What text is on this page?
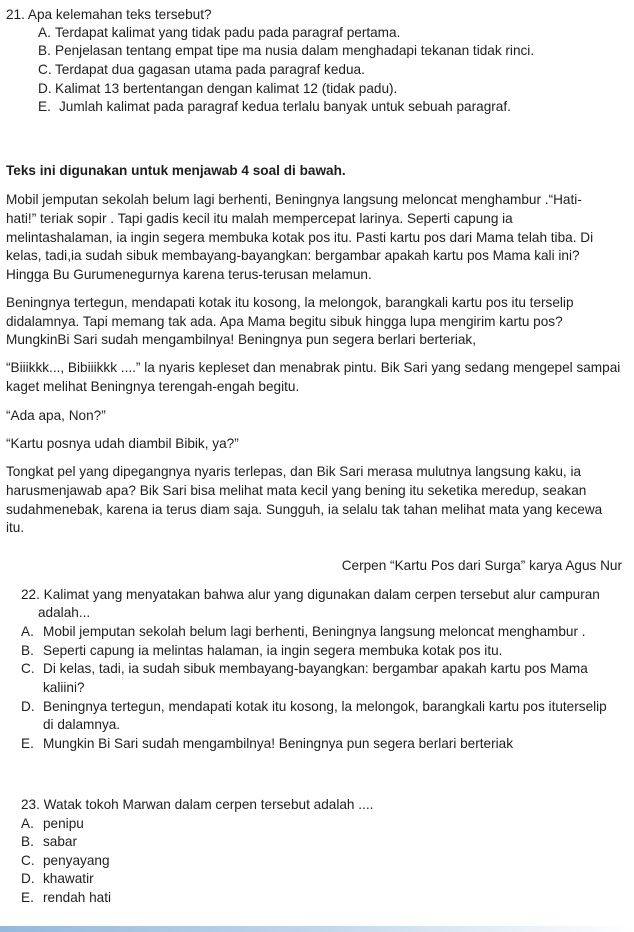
21. Apa kelemahan teks tersebut?
A. Terdapat kalimat yang tidak padu pada paragraf pertama.
B. Penjelasan tentang empat tipe ma nusia dalam menghadapi tekanan tidak rinci.
C. Terdapat dua gagasan utama pada paragraf kedua.
D. Kalimat 13 bertentangan dengan kalimat 12 (tidak padu).
E. Jumlah kalimat pada paragraf kedua terlalu banyak untuk sebuah paragraf.
Teks ini digunakan untuk menjawab 4 soal di bawah.
Mobil jemputan sekolah belum lagi berhenti, Beningnya langsung meloncat menghambur .“Hati-
hati!” teriak sopir . Tapi gadis kecil itu malah mempercepat larinya. Seperti capung ia
melintashalaman, ia ingin segera membuka kotak pos itu. Pasti kartu pos dari Mama telah tiba. Di
kelas, tadi,ia sudah sibuk membayang-bayangkan: bergambar apakah kartu pos Mama kali ini?
Hingga Bu Gurumenegurnya karena terus-terusan melamun.
Beningnya tertegun, mendapati kotak itu kosong, la melongok, barangkali kartu pos itu terselip
didalamnya. Tapi memang tak ada. Apa Mama begitu sibuk hingga lupa mengirim kartu pos?
MungkinBi Sari sudah mengambilnya! Beningnya pun segera berlari berteriak,
“Biiikkk..., Bibiiikkk ....” la nyaris kepleset dan menabrak pintu. Bik Sari yang sedang mengepel sampai
kaget melihat Beningnya terengah-engah begitu.
“Ada apa, Non?”
“Kartu posnya udah diambil Bibik, ya?”
Tongkat pel yang dipegangnya nyaris terlepas, dan Bik Sari merasa mulutnya langsung kaku, ia
harusmenjawab apa? Bik Sari bisa melihat mata kecil yang bening itu seketika meredup, seakan
sudahmenebak, karena ia terus diam saja. Sungguh, ia selalu tak tahan melihat mata yang kecewa
itu.
Cerpen “Kartu Pos dari Surga” karya Agus Nur
22. Kalimat yang menyatakan bahwa alur yang digunakan dalam cerpen tersebut alur campuran
adalah...
A. Mobil jemputan sekolah belum lagi berhenti, Beningnya langsung meloncat menghambur .
B. Seperti capung ia melintas halaman, ia ingin segera membuka kotak pos itu.
C. Di kelas, tadi, ia sudah sibuk membayang-bayangkan: bergambar apakah kartu pos Mama
kaliini?
D. Beningnya tertegun, mendapati kotak itu kosong, la melongok, barangkali kartu pos ituterselip
di dalamnya.
E. Mungkin Bi Sari sudah mengambilnya! Beningnya pun segera berlari berteriak
23. Watak tokoh Marwan dalam cerpen tersebut adalah ....
A. penipu
B. sabar
C. penyayang
D. khawatir
E. rendah hati
